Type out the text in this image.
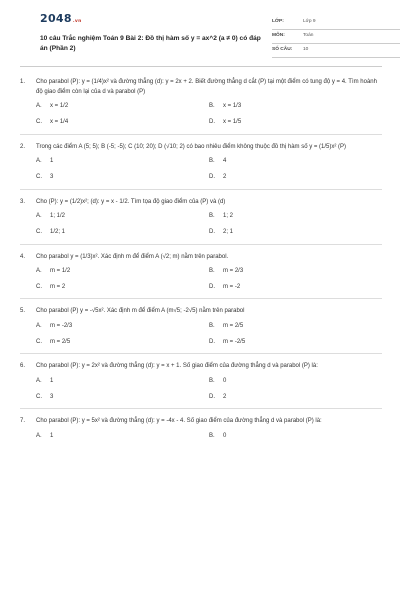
2048.vn
10 câu Trắc nghiệm Toán 9 Bài 2: Đồ thị hàm số y = ax^2 (a ≠ 0) có đáp án (Phần 2)
LỚP:	Lớp 9
MÔN:	Toán
SỐ CÂU:	10
1.	Cho parabol (P): y = (1/4)x² và đường thẳng (d): y = 2x + 2. Biết đường thẳng d cắt (P) tại một điểm có tung độ y = 4. Tìm hoành độ giao điểm còn lại của d và parabol (P)
A.	x = 1/2	B.	x = 1/3
C.	x = 1/4	D.	x = 1/5
2.	Trong các điểm A (5; 5); B (-5; -5); C (10; 20); D (√10; 2) có bao nhiêu điểm không thuộc đồ thị hàm số y = (1/5)x² (P)
A.	1	B.	4
C.	3	D.	2
3.	Cho (P): y = (1/2)x²; (d): y = x - 1/2. Tìm tọa độ giao điểm của (P) và (d)
A.	1; 1/2	B.	1; 2
C.	1/2; 1	D.	2; 1
4.	Cho parabol y = (1/3)x². Xác định m để điểm A (√2; m) nằm trên parabol.
A.	m = 1/2	B.	m = 2/3
C.	m = 2	D.	m = -2
5.	Cho parabol (P) y = -√5x². Xác định m để điểm A (m√5; -2√5) nằm trên parabol
A.	m = -2/3	B.	m = 2/5
C.	m = 2/5	D.	m = -2/5
6.	Cho parabol (P): y = 2x² và đường thẳng (d): y = x + 1. Số giao điểm của đường thẳng d và parabol (P) là:
A.	1	B.	0
C.	3	D.	2
7.	Cho parabol (P): y = 5x² và đường thẳng (d): y = -4x - 4. Số giao điểm của đường thẳng d và parabol (P) là:
A.	1	B.	0
